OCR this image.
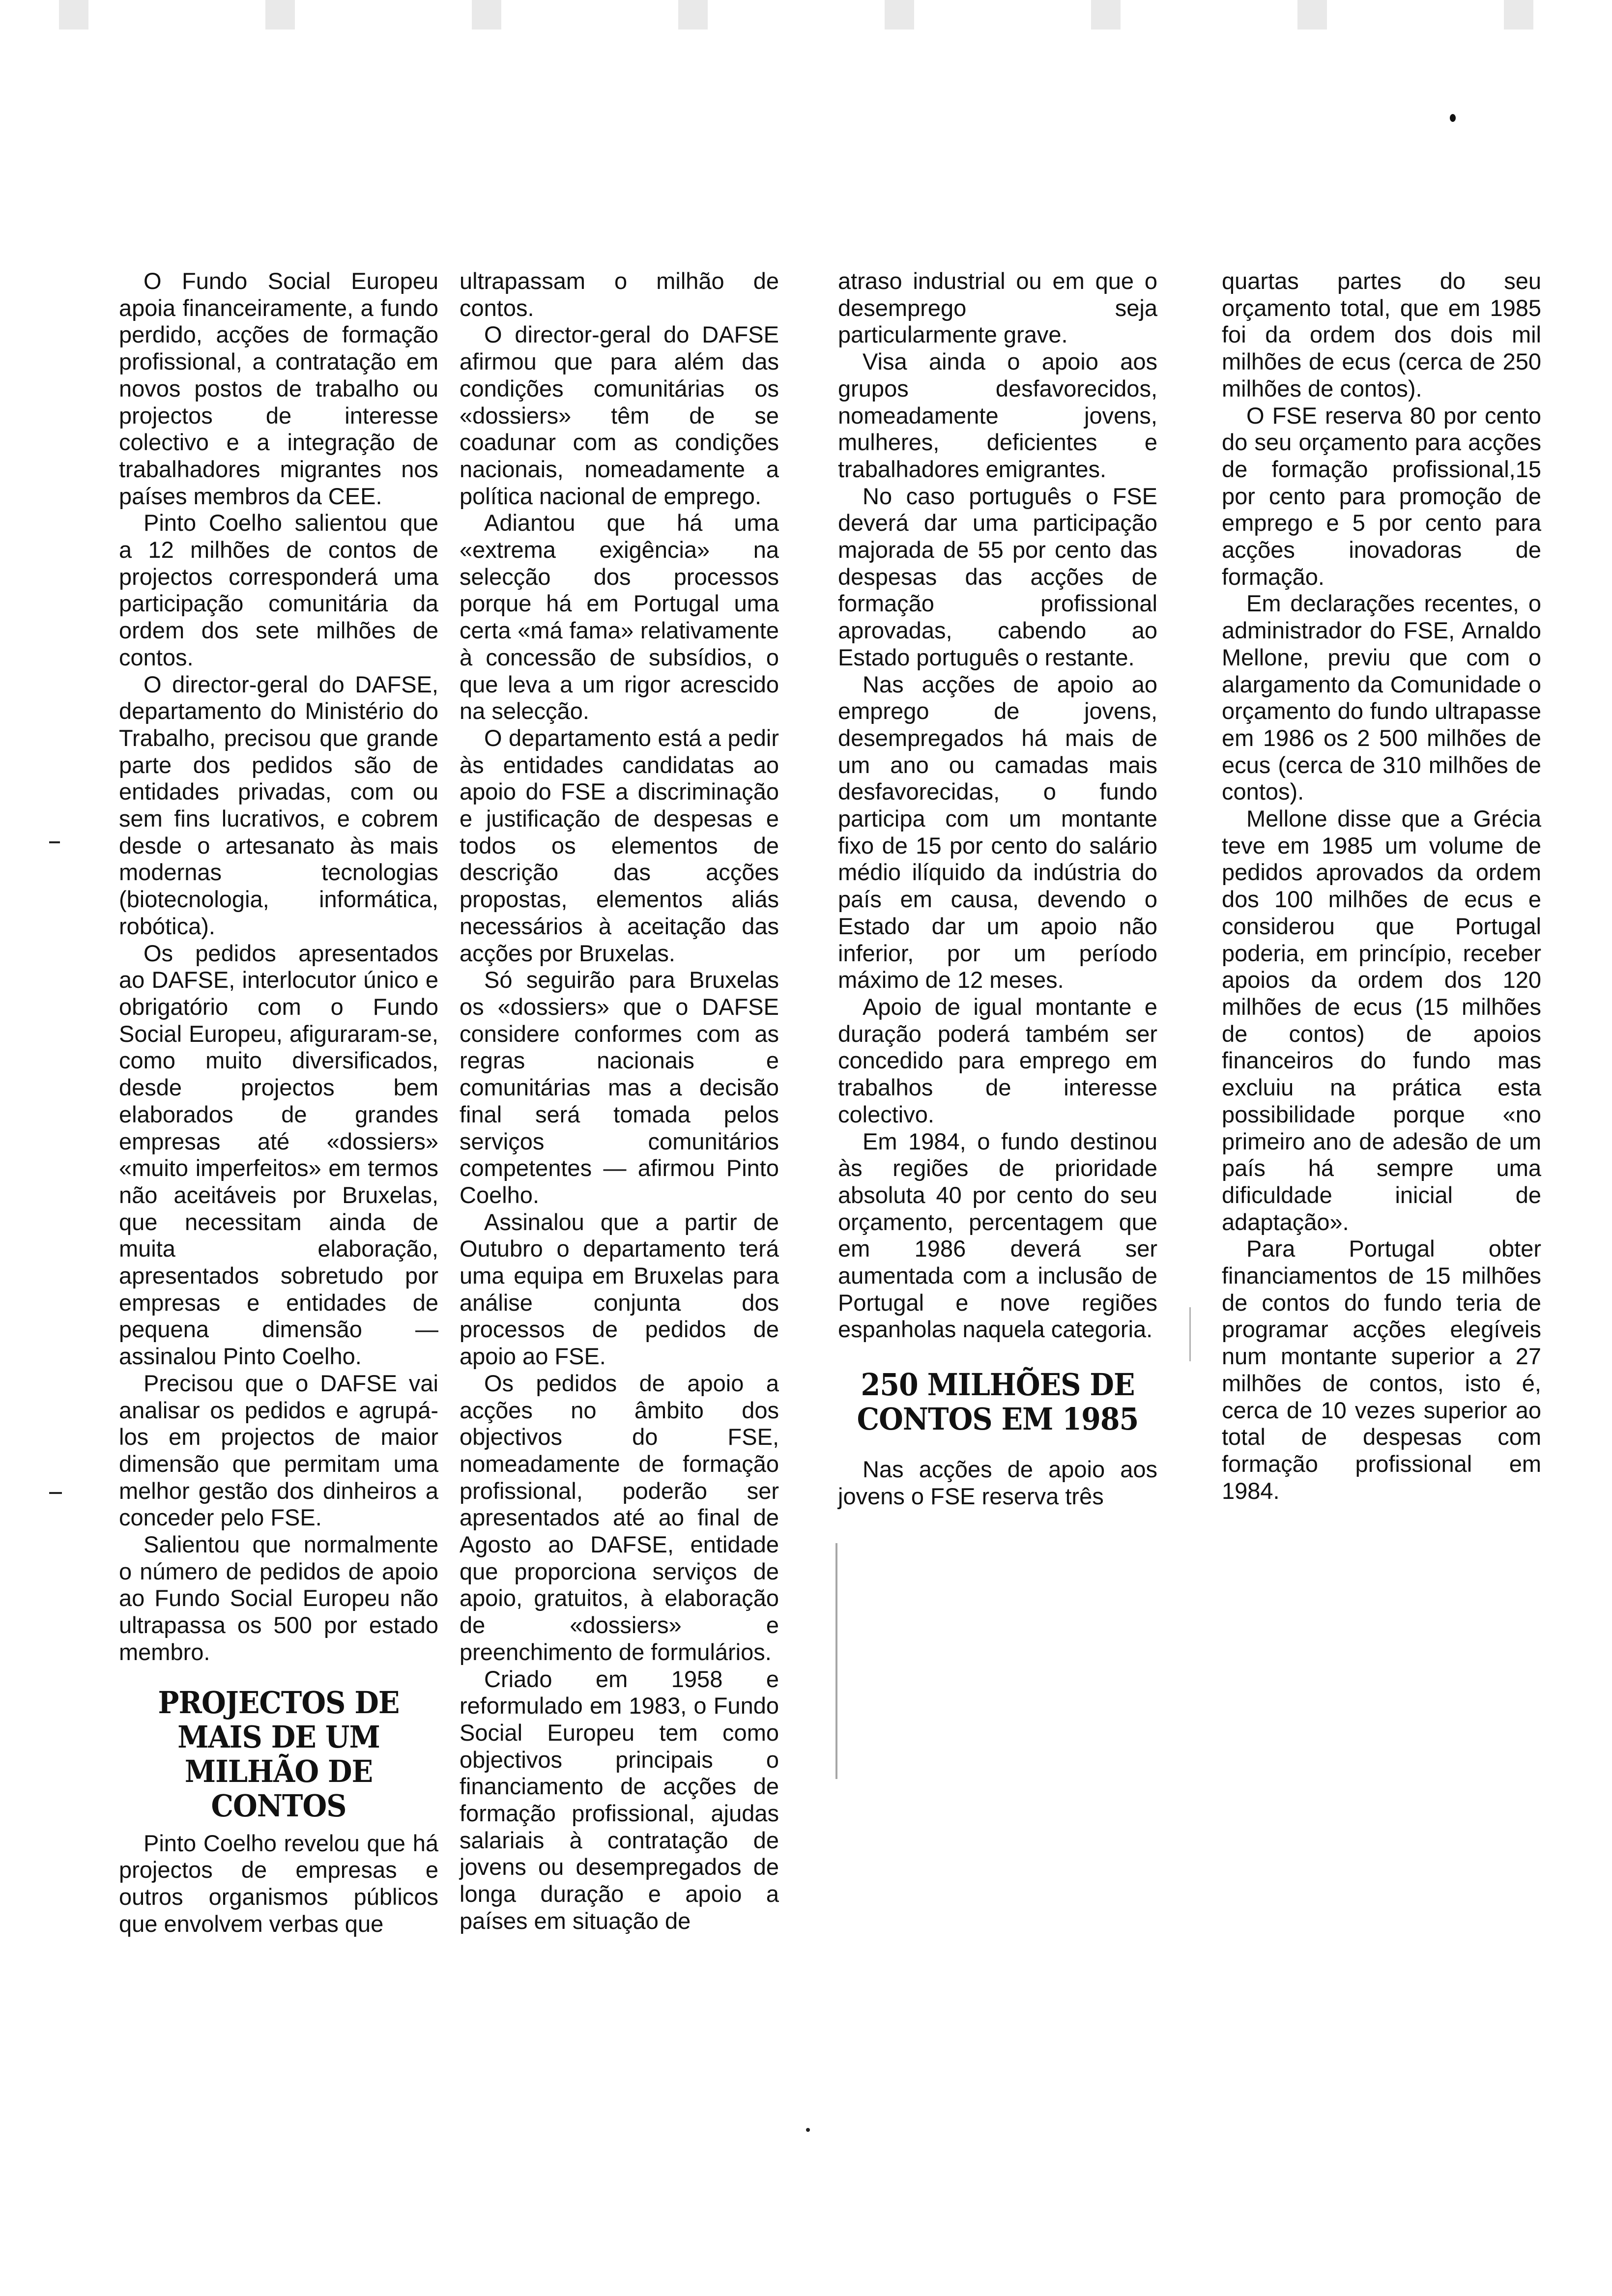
O Fundo Social Europeu apoia financeiramente, a fundo perdido, acções de formação profissional, a contratação em novos postos de trabalho ou projectos de interesse colectivo e a integração de trabalhadores migrantes nos países membros da CEE.

Pinto Coelho salientou que a 12 milhões de contos de projectos corresponderá uma participação comunitária da ordem dos sete milhões de contos.

O director-geral do DAFSE, departamento do Ministério do Trabalho, precisou que grande parte dos pedidos são de entidades privadas, com ou sem fins lucrativos, e cobrem desde o artesanato às mais modernas tecnologias (biotecnologia, informática, robótica).

Os pedidos apresentados ao DAFSE, interlocutor único e obrigatório com o Fundo Social Europeu, afiguraram-se, como muito diversificados, desde projectos bem elaborados de grandes empresas até «dossiers» «muito imperfeitos» em termos não aceitáveis por Bruxelas, que necessitam ainda de muita elaboração, apresentados sobretudo por empresas e entidades de pequena dimensão — assinalou Pinto Coelho.

Precisou que o DAFSE vai analisar os pedidos e agrupá-los em projectos de maior dimensão que permitam uma melhor gestão dos dinheiros a conceder pelo FSE.

Salientou que normalmente o número de pedidos de apoio ao Fundo Social Europeu não ultrapassa os 500 por estado membro.

PROJECTOS DE MAIS DE UM MILHÃO DE CONTOS

Pinto Coelho revelou que há projectos de empresas e outros organismos públicos que envolvem verbas que

ultrapassam o milhão de contos.

O director-geral do DAFSE afirmou que para além das condições comunitárias os «dossiers» têm de se coadunar com as condições nacionais, nomeadamente a política nacional de emprego.

Adiantou que há uma «extrema exigência» na selecção dos processos porque há em Portugal uma certa «má fama» relativamente à concessão de subsídios, o que leva a um rigor acrescido na selecção.

O departamento está a pedir às entidades candidatas ao apoio do FSE a discriminação e justificação de despesas e todos os elementos de descrição das acções propostas, elementos aliás necessários à aceitação das acções por Bruxelas.

Só seguirão para Bruxelas os «dossiers» que o DAFSE considere conformes com as regras nacionais e comunitárias mas a decisão final será tomada pelos serviços comunitários competentes — afirmou Pinto Coelho.

Assinalou que a partir de Outubro o departamento terá uma equipa em Bruxelas para análise conjunta dos processos de pedidos de apoio ao FSE.

Os pedidos de apoio a acções no âmbito dos objectivos do FSE, nomeadamente de formação profissional, poderão ser apresentados até ao final de Agosto ao DAFSE, entidade que proporciona serviços de apoio, gratuitos, à elaboração de «dossiers» e preenchimento de formulários.

Criado em 1958 e reformulado em 1983, o Fundo Social Europeu tem como objectivos principais o financiamento de acções de formação profissional, ajudas salariais à contratação de jovens ou desempregados de longa duração e apoio a países em situação de

atraso industrial ou em que o desemprego seja particularmente grave.

Visa ainda o apoio aos grupos desfavorecidos, nomeadamente jovens, mulheres, deficientes e trabalhadores emigrantes.

No caso português o FSE deverá dar uma participação majorada de 55 por cento das despesas das acções de formação profissional aprovadas, cabendo ao Estado português o restante.

Nas acções de apoio ao emprego de jovens, desempregados há mais de um ano ou camadas mais desfavorecidas, o fundo participa com um montante fixo de 15 por cento do salário médio ilíquido da indústria do país em causa, devendo o Estado dar um apoio não inferior, por um período máximo de 12 meses.

Apoio de igual montante e duração poderá também ser concedido para emprego em trabalhos de interesse colectivo.

Em 1984, o fundo destinou às regiões de prioridade absoluta 40 por cento do seu orçamento, percentagem que em 1986 deverá ser aumentada com a inclusão de Portugal e nove regiões espanholas naquela categoria.

250 MILHÕES DE CONTOS EM 1985

Nas acções de apoio aos jovens o FSE reserva três

quartas partes do seu orçamento total, que em 1985 foi da ordem dos dois mil milhões de ecus (cerca de 250 milhões de contos).

O FSE reserva 80 por cento do seu orçamento para acções de formação profissional,15 por cento para promoção de emprego e 5 por cento para acções inovadoras de formação.

Em declarações recentes, o administrador do FSE, Arnaldo Mellone, previu que com o alargamento da Comunidade o orçamento do fundo ultrapasse em 1986 os 2 500 milhões de ecus (cerca de 310 milhões de contos).

Mellone disse que a Grécia teve em 1985 um volume de pedidos aprovados da ordem dos 100 milhões de ecus e considerou que Portugal poderia, em princípio, receber apoios da ordem dos 120 milhões de ecus (15 milhões de contos) de apoios financeiros do fundo mas excluiu na prática esta possibilidade porque «no primeiro ano de adesão de um país há sempre uma dificuldade inicial de adaptação».

Para Portugal obter financiamentos de 15 milhões de contos do fundo teria de programar acções elegíveis num montante superior a 27 milhões de contos, isto é, cerca de 10 vezes superior ao total de despesas com formação profissional em 1984.
